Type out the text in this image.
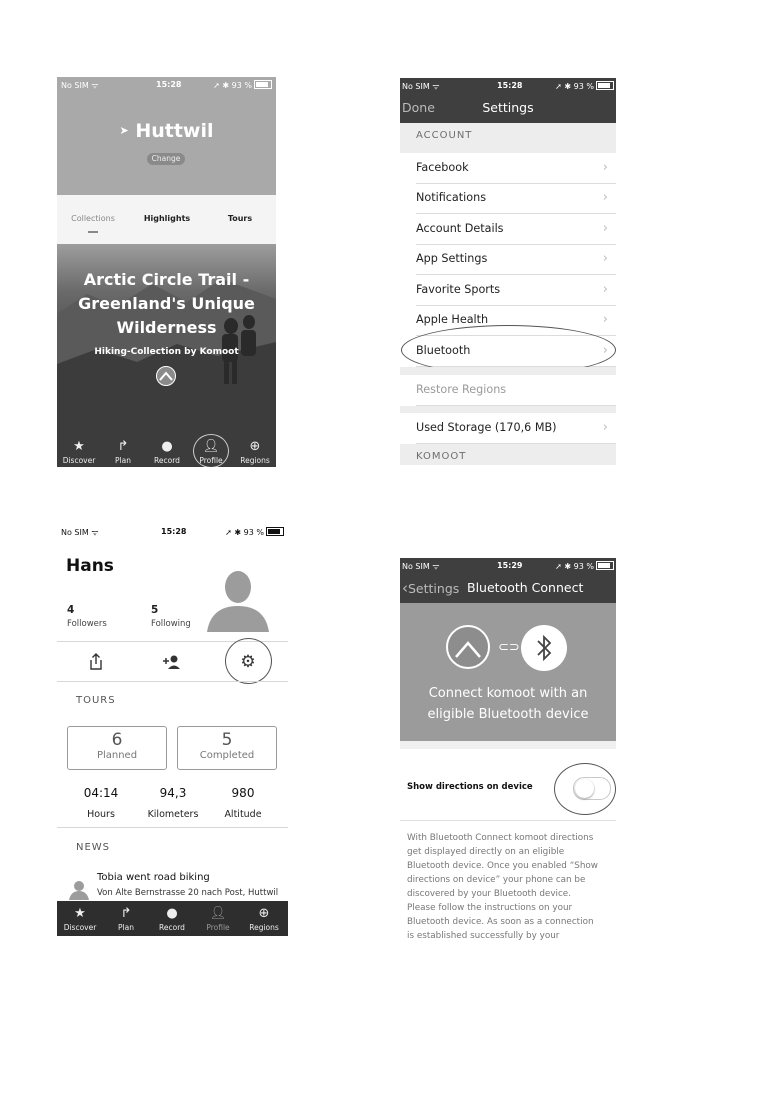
No SIM ᯤ	15:28	➚ ✱ 93 %
➤ Huttwil
Change
Collections	Highlights	Tours
Arctic Circle Trail -
Greenland's Unique
Wilderness
Hiking-Collection by Komoot
★
Discover
↱
Plan
●
Record
👤︎
Profile
⊕
Regions
No SIM ᯤ	15:28	➚ ✱ 93 %
Done	Settings
ACCOUNT
Facebook	›
Notifications	›
Account Details	›
App Settings	›
Favorite Sports	›
Apple Health	›
Bluetooth	›
Restore Regions
Used Storage (170,6 MB)	›
KOMOOT
No SIM ᯤ	15:28	➚ ✱ 93 %
Hans
4
Followers
5
Following
⚙
TOURS
6
Planned
5
Completed
04:14
Hours
94,3
Kilometers
980
Altitude
NEWS
Tobia went road biking
Von Alte Bernstrasse 20 nach Post, Huttwil
★
Discover
↱
Plan
●
Record
👤︎
Profile
⊕
Regions
No SIM ᯤ	15:29	➚ ✱ 93 %
‹Settings Bluetooth Connect
⊂⊃
Connect komoot with an
eligible Bluetooth device
Show directions on device
With Bluetooth Connect komoot directions
get displayed directly on an eligible
Bluetooth device. Once you enabled “Show
directions on device” your phone can be
discovered by your Bluetooth device.
Please follow the instructions on your
Bluetooth device. As soon as a connection
is established successfully by your
